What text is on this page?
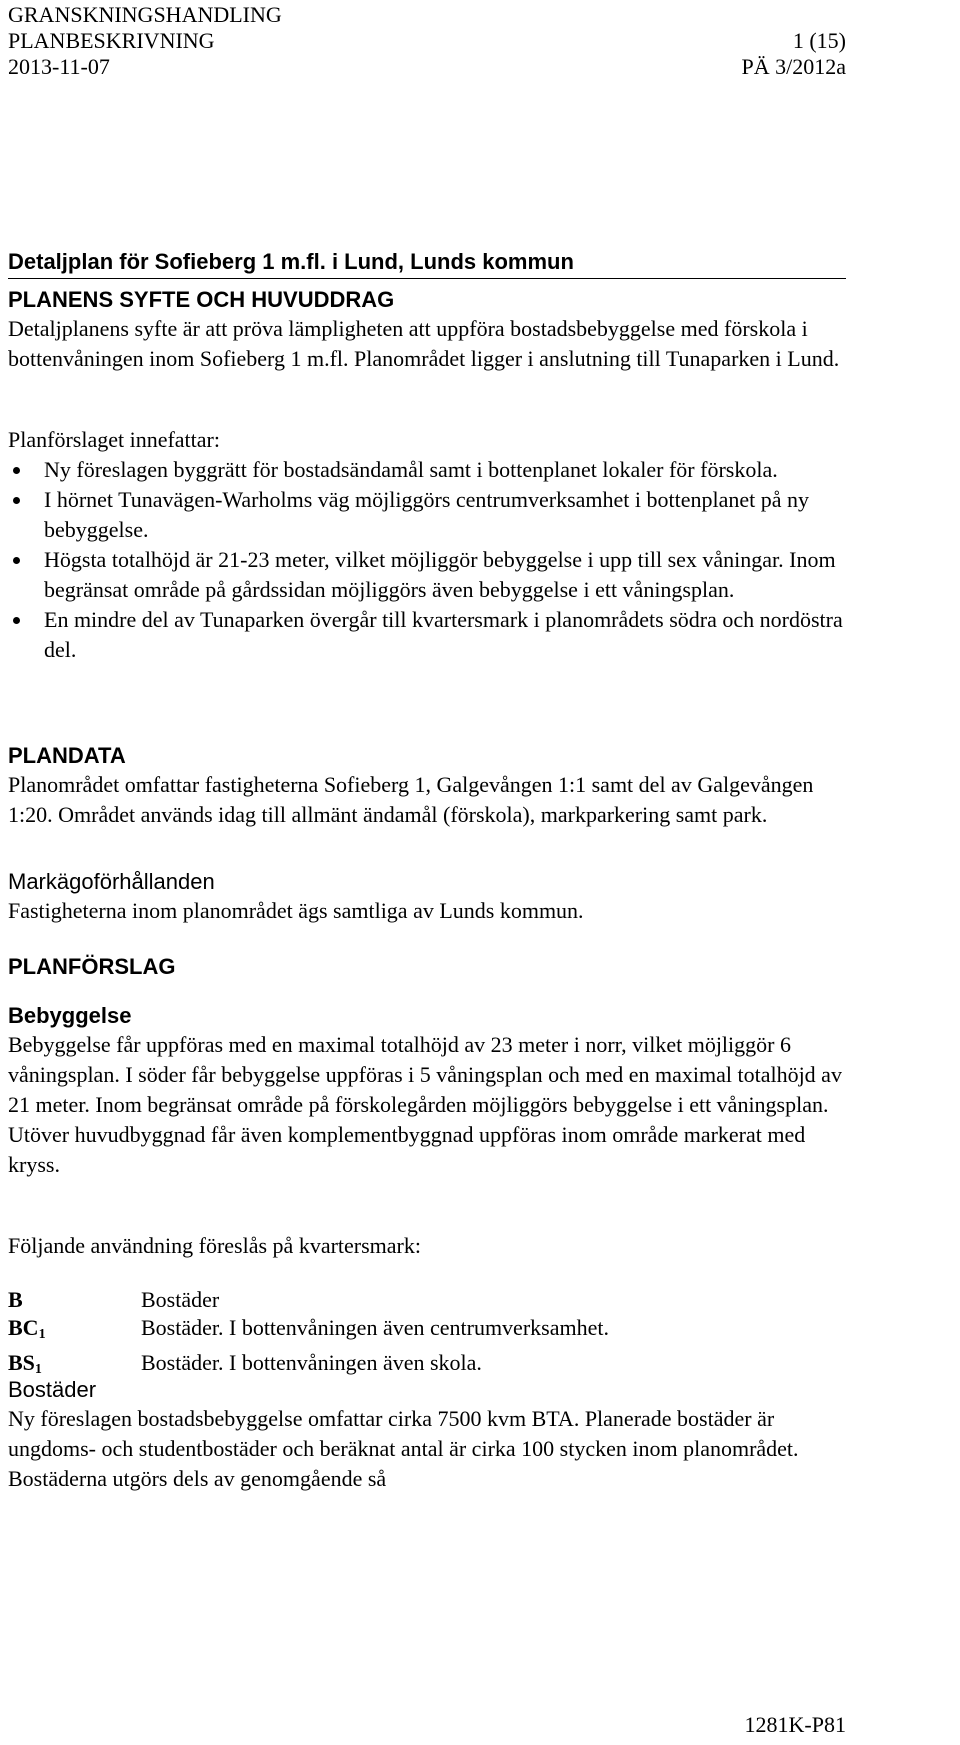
GRANSKNINGSHANDLING
PLANBESKRIVNING	1 (15)
2013-11-07	PÄ 3/2012a
Detaljplan för Sofieberg 1 m.fl. i Lund, Lunds kommun
PLANENS SYFTE OCH HUVUDDRAG

Detaljplanens syfte är att pröva lämpligheten att uppföra bostadsbebyggelse med förskola i bottenvåningen inom Sofieberg 1 m.fl. Planområdet ligger i anslutning till Tunaparken i Lund.

Planförslaget innefattar:

Ny föreslagen byggrätt för bostadsändamål samt i bottenplanet lokaler för förskola.
I hörnet Tunavägen-Warholms väg möjliggörs centrumverksamhet i bottenplanet på ny bebyggelse.
Högsta totalhöjd är 21-23 meter, vilket möjliggör bebyggelse i upp till sex våningar. Inom begränsat område på gårdssidan möjliggörs även bebyggelse i ett våningsplan.
En mindre del av Tunaparken övergår till kvartersmark i planområdets södra och nordöstra del.
PLANDATA

Planområdet omfattar fastigheterna Sofieberg 1, Galgevången 1:1 samt del av Galgevången 1:20. Området används idag till allmänt ändamål (förskola), markparkering samt park.

Markägoförhållanden

Fastigheterna inom planområdet ägs samtliga av Lunds kommun.

PLANFÖRSLAG
Bebyggelse

Bebyggelse får uppföras med en maximal totalhöjd av 23 meter i norr, vilket möjliggör 6 våningsplan. I söder får bebyggelse uppföras i 5 våningsplan och med en maximal totalhöjd av 21 meter. Inom begränsat område på förskolegården möjliggörs bebyggelse i ett våningsplan. Utöver huvudbyggnad får även komplementbyggnad uppföras inom område markerat med kryss.

Följande användning föreslås på kvartersmark:

B	Bostäder
$BC_1$	Bostäder. I bottenvåningen även centrumverksamhet.
$BS_1$	Bostäder. I bottenvåningen även skola.
Bostäder

Ny föreslagen bostadsbebyggelse omfattar cirka 7500 kvm BTA. Planerade bostäder är ungdoms- och studentbostäder och beräknat antal är cirka 100 stycken inom planområdet. Bostäderna utgörs dels av genomgående så

1281K-P81
